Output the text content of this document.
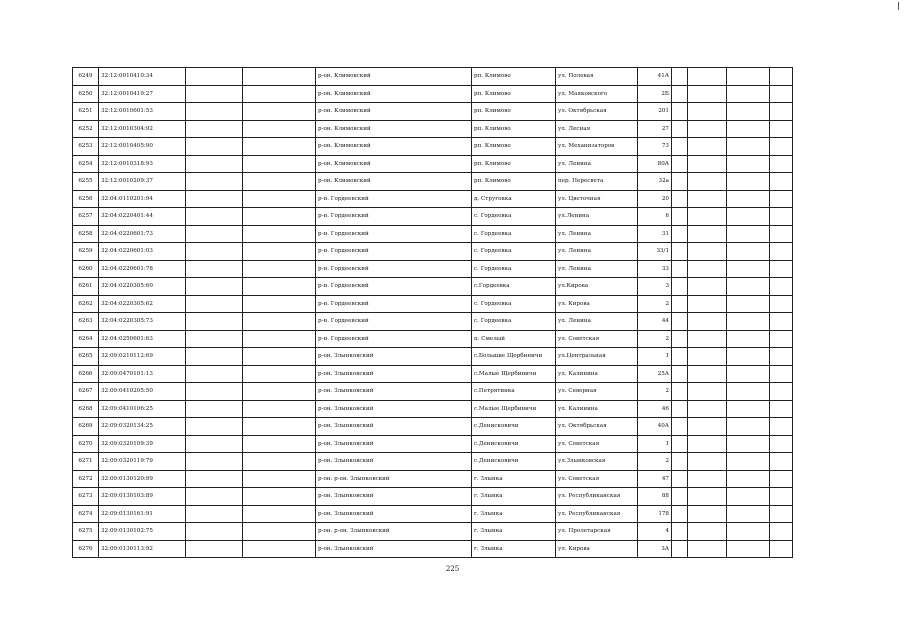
6249	32:12:0010410:34			р-он. Климовский	рп. Климово	ул. Полевая	41А				
6250	32:12:0010419:27			р-он. Климовский	рп. Климово	ул. Маяковского	2Б				
6251	32:12:0010601:53			р-он. Климовский	рп. Климово	ул. Октябрьская	201				
6252	32:12:0010304:92			р-он. Климовский	рп. Климово	ул. Лесная	27				
6253	32:12:0010405:90			р-он. Климовский	рп. Климово	ул. Механизаторов	73				
6254	32:12:0010318:93			р-он. Климовский	рп. Климово	ул. Ленина	80А				
6255	32:12:0010209:37			р-он. Климовский	рп. Климово	пер. Пересвета	32а				
6256	32:04:0110201:94			р-н. Гордеевский	д. Струговка	ул. Цветочная	20				
6257	32:04:0220401:44			р-н. Гордеевский	с. Гордеевка	ул.Ленина	6				
6258	32:04:0220601:73			р-н. Гордеевский	с. Гордеевка	ул. Ленина	31				
6259	32:04:0220601:03			р-н. Гордеевский	с. Гордеевка	ул. Ленина	33/1				
6260	32:04:0220601:78			р-н. Гордеевский	с. Гордеевка	ул. Ленина	33				
6261	32:04:0220305:60			р-н. Гордеевский	с.Гордеевка	ул.Кирова	3				
6262	32:04:0220305:62			р-н. Гордеевский	с. Гордеевка	ул. Кирова	2				
6263	32:04:0220305:73			р-н. Гордеевский	с. Гордеевка	ул. Ленина	44				
6264	32:04:0250601:63			р-н. Гордеевский	п. Смелый	ул. Советская	2				
6265	32:09:0210112:69			р-он. Злынковский	с.Большие Щербиничи	ул.Центральная	1				
6266	32:09:0470101:13			р-он. Злынковский	с.Малые Щербиничи	ул. Калинина	25А				
6267	32:09:0410205:50			р-он. Злынковский	с.Петрятинка	ул. Северная	2				
6268	32:09:0410106:25			р-он. Злынковский	с.Малые Щербиничи	ул. Калинина	46				
6269	32:09:0320134:25			р-он. Злынковский	с.Денисковичи	ул. Октябрьская	40А				
6270	32:09:0320109:39			р-он. Злынковский	с.Денисковичи	ул. Советская	1				
6271	32:09:0320119:79			р-он. Злынковский	с.Денисковичи	ул.Злынковская	2				
6272	32:09:0130120:99			р-он. р-он. Злынковский	г. Злынка	ул. Советская	47				
6273	32:09:0130103:89			р-он. Злынковский	г. Злынка	ул. Республиканская	88				
6274	32:09:0130161:91			р-он. Злынковский	г. Злынка	ул. Республиканская	178				
6275	32:09:0130102:75			р-он. р-он. Злынковский	г. Злынка	ул. Пролетарская	4				
6276	32:09:0130113:92			р-он. Злынковский	г. Злынка	ул. Кирова	3А				
225
